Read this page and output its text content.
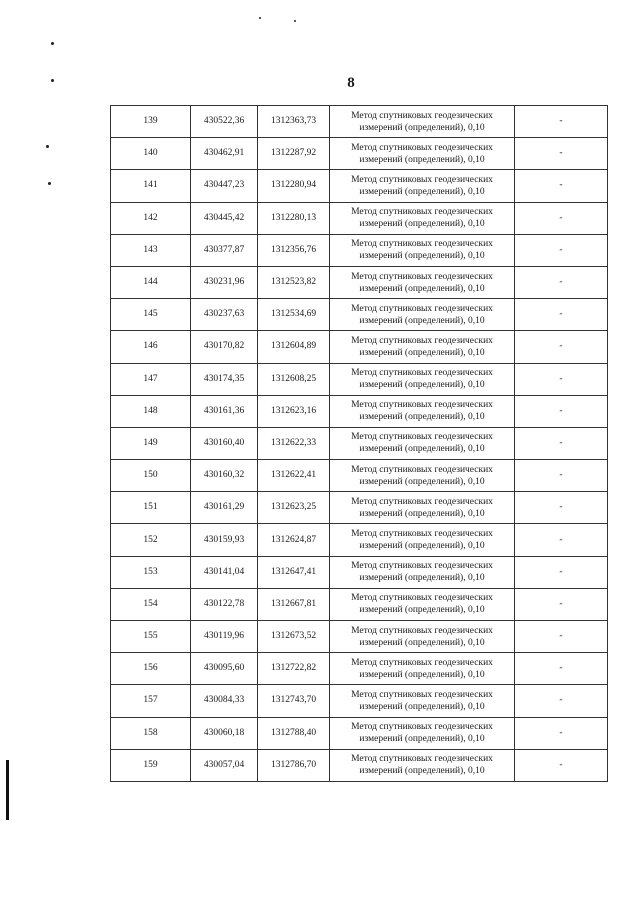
8
139	430522,36	1312363,73	Метод спутниковых геодезических
измерений (определений), 0,10	-
140	430462,91	1312287,92	Метод спутниковых геодезических
измерений (определений), 0,10	-
141	430447,23	1312280,94	Метод спутниковых геодезических
измерений (определений), 0,10	-
142	430445,42	1312280,13	Метод спутниковых геодезических
измерений (определений), 0,10	-
143	430377,87	1312356,76	Метод спутниковых геодезических
измерений (определений), 0,10	-
144	430231,96	1312523,82	Метод спутниковых геодезических
измерений (определений), 0,10	-
145	430237,63	1312534,69	Метод спутниковых геодезических
измерений (определений), 0,10	-
146	430170,82	1312604,89	Метод спутниковых геодезических
измерений (определений), 0,10	-
147	430174,35	1312608,25	Метод спутниковых геодезических
измерений (определений), 0,10	-
148	430161,36	1312623,16	Метод спутниковых геодезических
измерений (определений), 0,10	-
149	430160,40	1312622,33	Метод спутниковых геодезических
измерений (определений), 0,10	-
150	430160,32	1312622,41	Метод спутниковых геодезических
измерений (определений), 0,10	-
151	430161,29	1312623,25	Метод спутниковых геодезических
измерений (определений), 0,10	-
152	430159,93	1312624,87	Метод спутниковых геодезических
измерений (определений), 0,10	-
153	430141,04	1312647,41	Метод спутниковых геодезических
измерений (определений), 0,10	-
154	430122,78	1312667,81	Метод спутниковых геодезических
измерений (определений), 0,10	-
155	430119,96	1312673,52	Метод спутниковых геодезических
измерений (определений), 0,10	-
156	430095,60	1312722,82	Метод спутниковых геодезических
измерений (определений), 0,10	-
157	430084,33	1312743,70	Метод спутниковых геодезических
измерений (определений), 0,10	-
158	430060,18	1312788,40	Метод спутниковых геодезических
измерений (определений), 0,10	-
159	430057,04	1312786,70	Метод спутниковых геодезических
измерений (определений), 0,10	-
